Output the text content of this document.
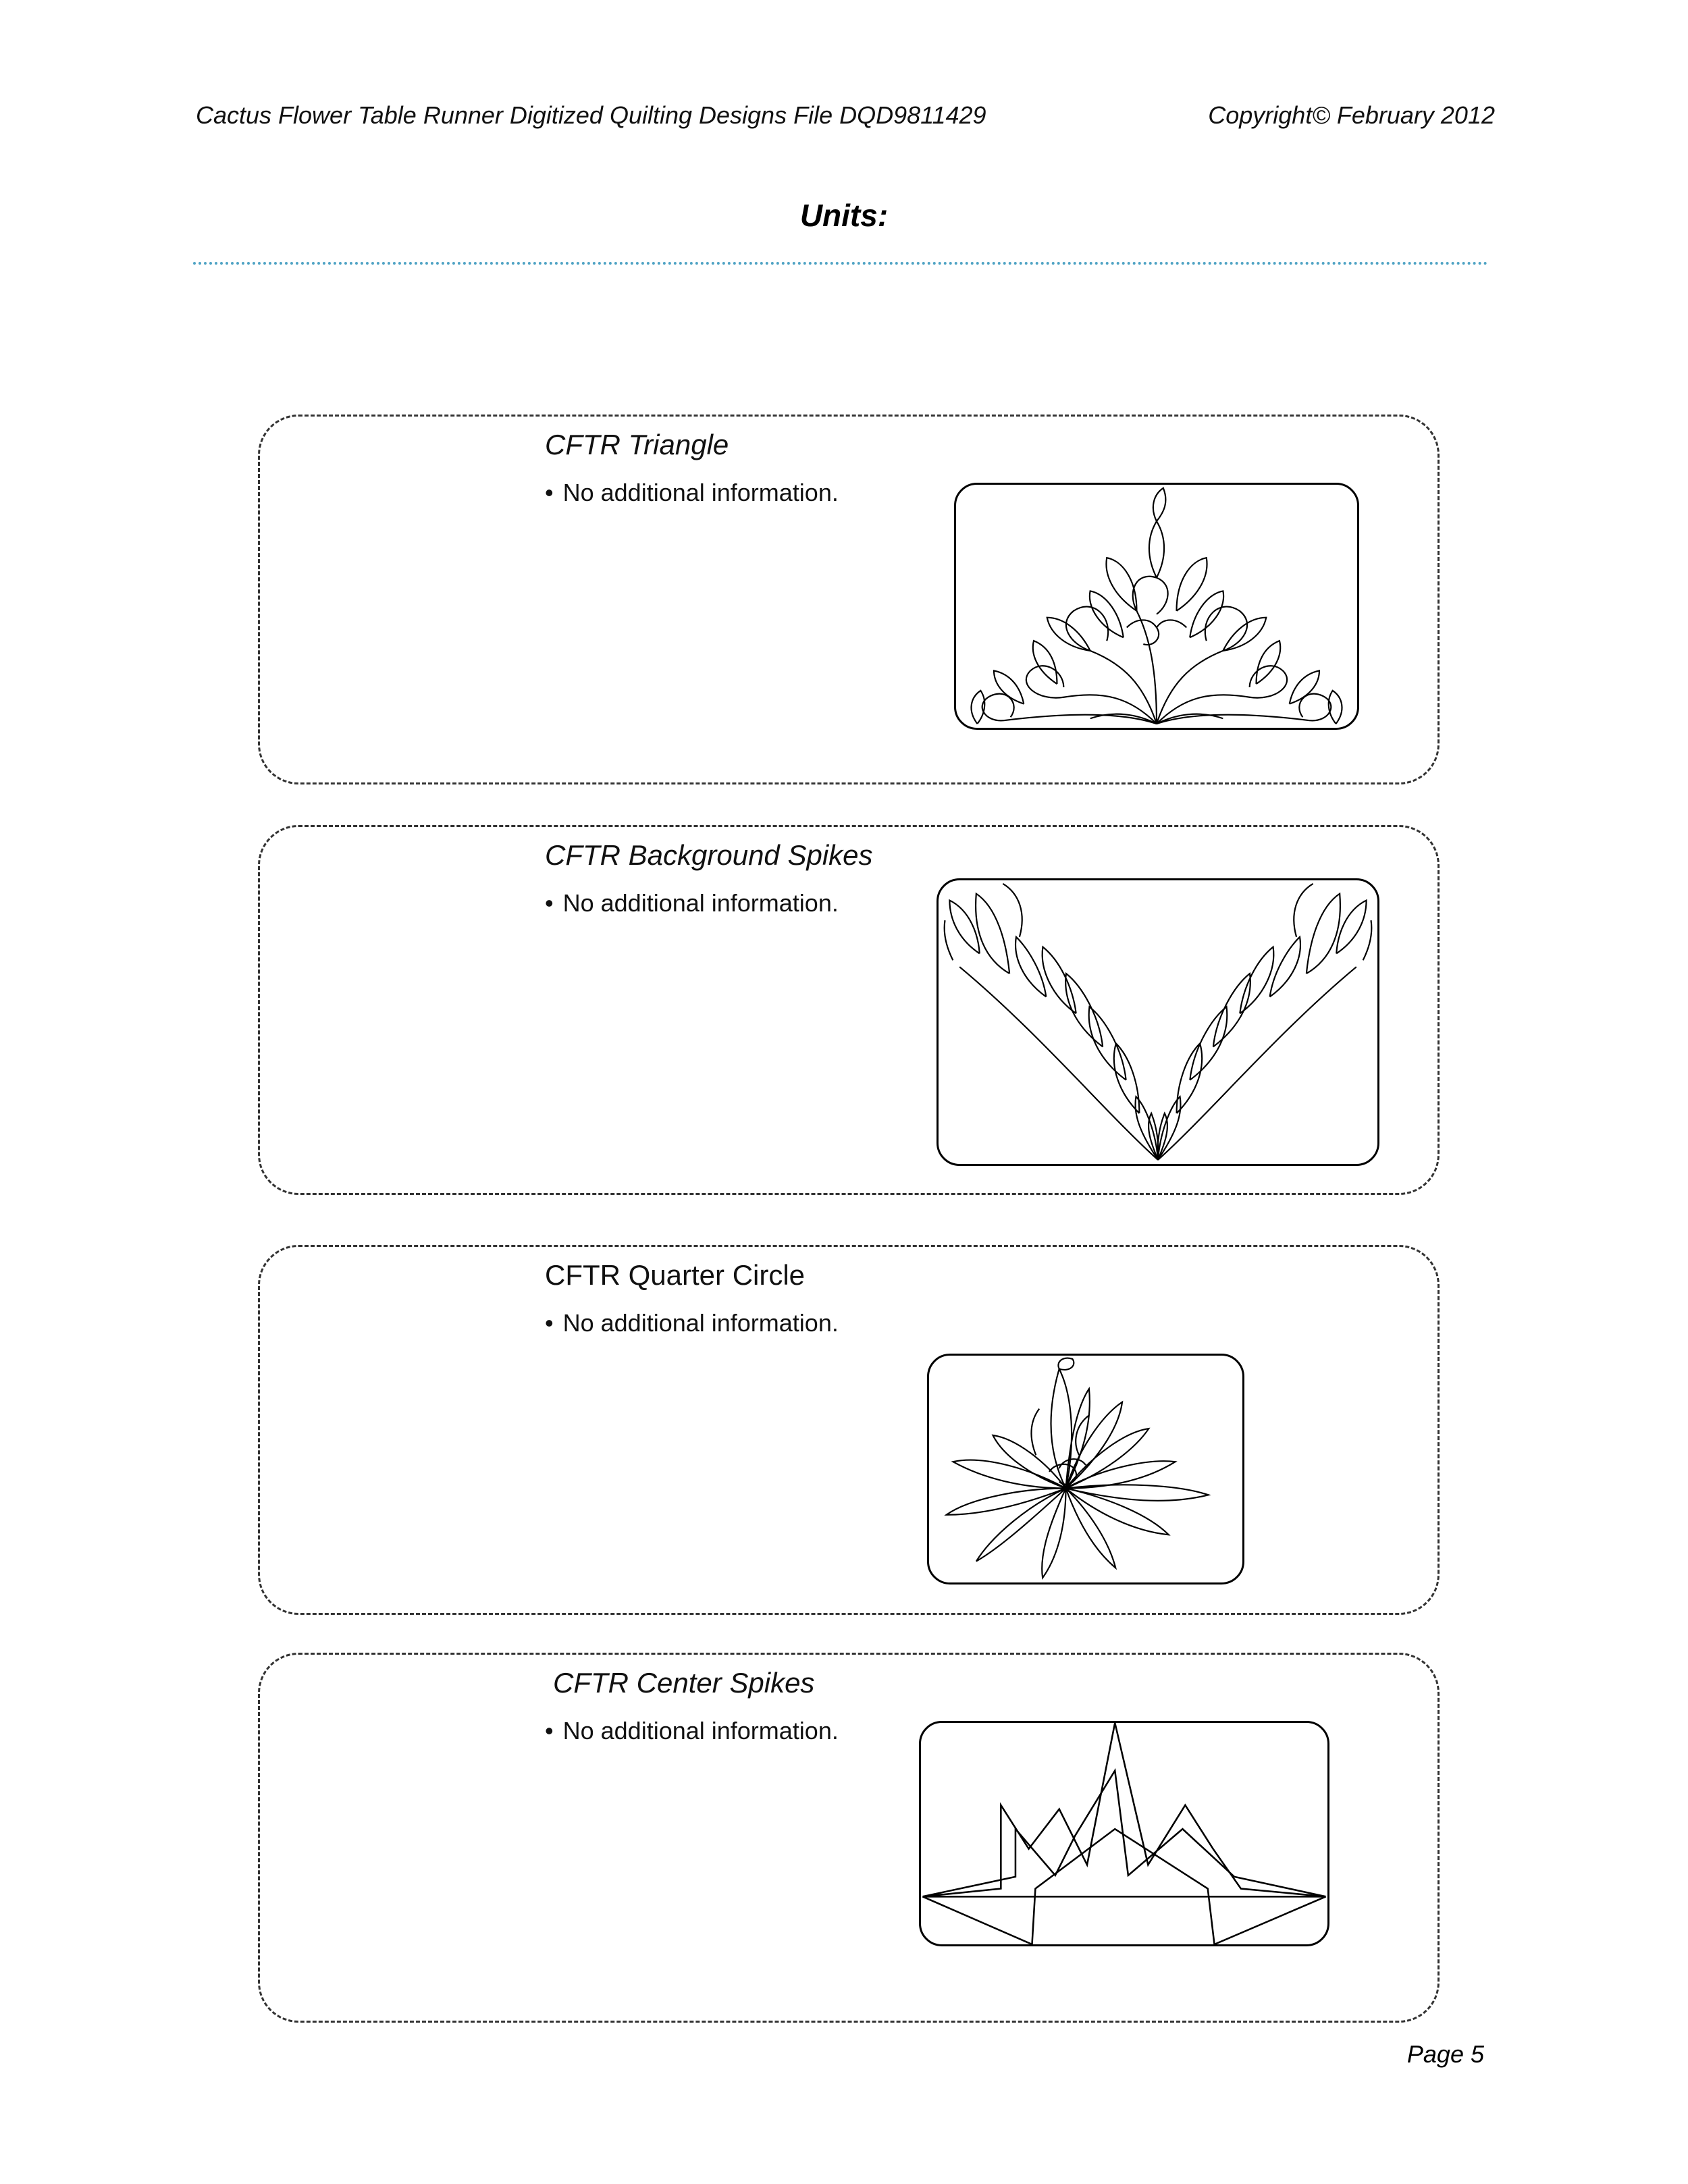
Cactus Flower Table Runner Digitized Quilting Designs File DQD9811429	Copyright© February 2012
Units:
CFTR Triangle
• No additional information.
CFTR Background Spikes
• No additional information.
CFTR Quarter Circle
• No additional information.
CFTR Center Spikes
• No additional information.
Page 5
